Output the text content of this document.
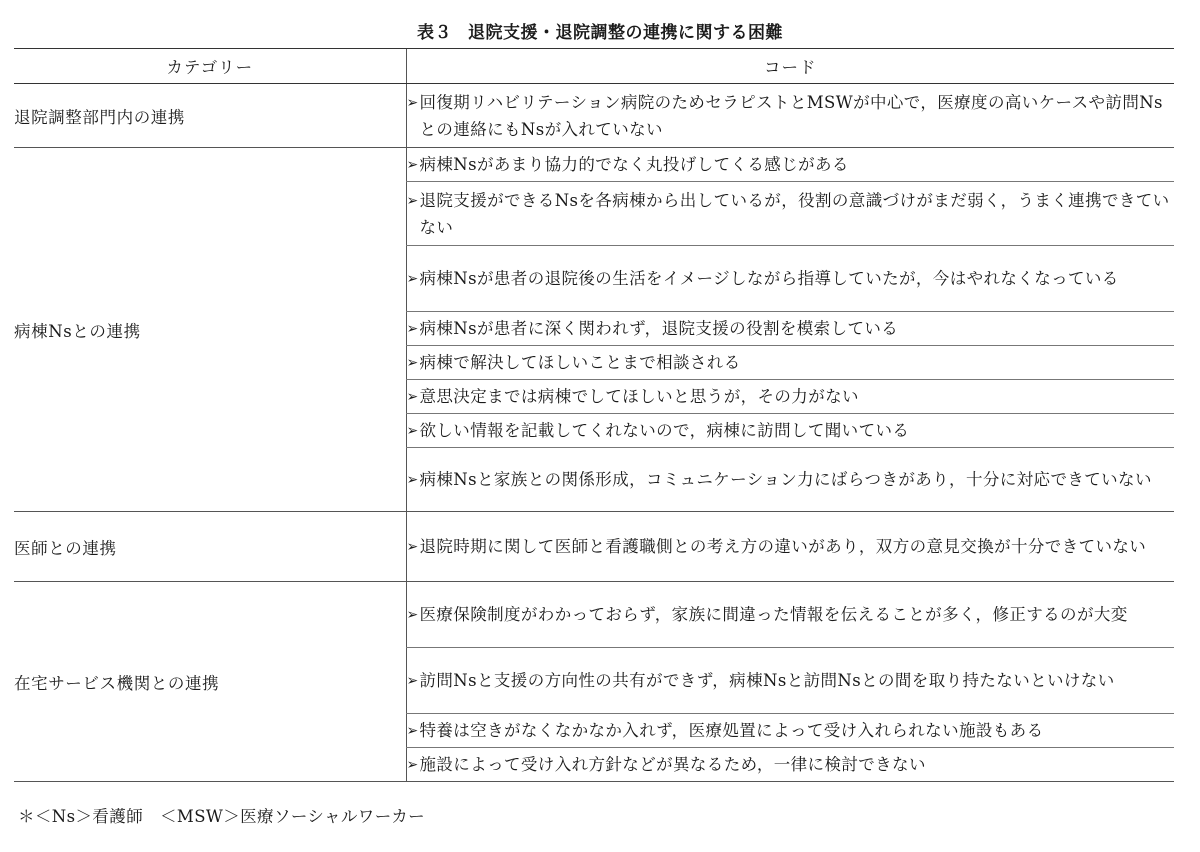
表３ 退院支援・退院調整の連携に関する困難
カテゴリー	コード
退院調整部門内の連携	➢ 回復期リハビリテーション病院のためセラピストとMSWが中心で，医療度の高いケースや訪問Nsとの連絡にもNsが入れていない

病棟Nsとの連携	➢ 病棟Nsがあまり協力的でなく丸投げしてくる感じがある

	➢ 退院支援ができるNsを各病棟から出しているが，役割の意識づけがまだ弱く，うまく連携できていない

	➢ 病棟Nsが患者の退院後の生活をイメージしながら指導していたが，今はやれなくなっている

	➢ 病棟Nsが患者に深く関われず，退院支援の役割を模索している

	➢ 病棟で解決してほしいことまで相談される

	➢ 意思決定までは病棟でしてほしいと思うが，その力がない

	➢ 欲しい情報を記載してくれないので，病棟に訪問して聞いている

	➢ 病棟Nsと家族との関係形成，コミュニケーション力にばらつきがあり，十分に対応できていない

医師との連携	➢ 退院時期に関して医師と看護職側との考え方の違いがあり，双方の意見交換が十分できていない

在宅サービス機関との連携	➢ 医療保険制度がわかっておらず，家族に間違った情報を伝えることが多く，修正するのが大変

	➢ 訪問Nsと支援の方向性の共有ができず，病棟Nsと訪問Nsとの間を取り持たないといけない

	➢ 特養は空きがなくなかなか入れず，医療処置によって受け入れられない施設もある

	➢ 施設によって受け入れ方針などが異なるため，一律に検討できない
＊＜Ns＞看護師　＜MSW＞医療ソーシャルワーカー
